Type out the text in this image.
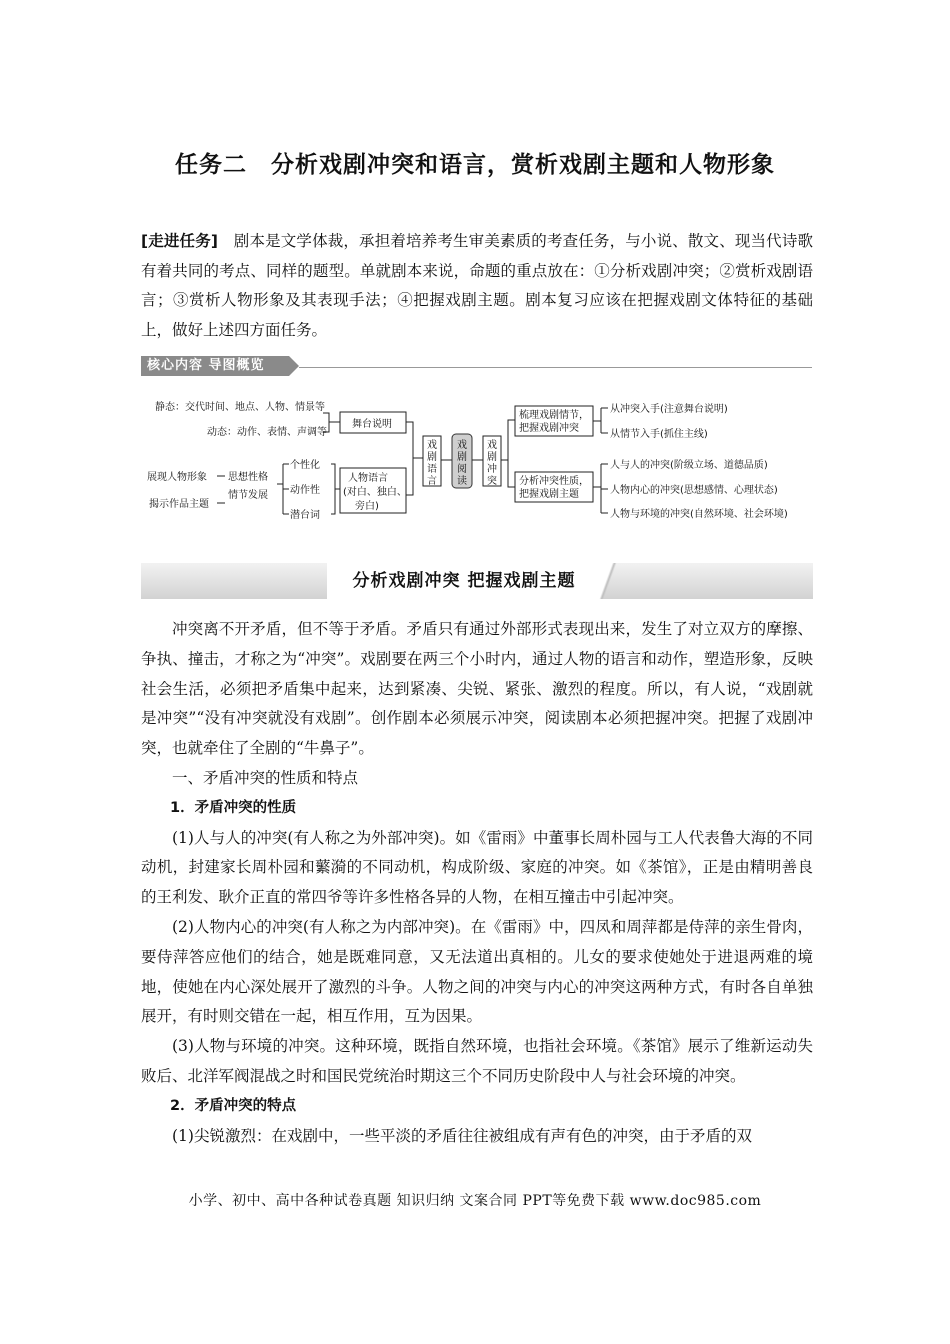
任务二　分析戏剧冲突和语言，赏析戏剧主题和人物形象
[走进任务]　剧本是文学体裁，承担着培养考生审美素质的考查任务，与小说、散文、现当代诗歌有着共同的考点、同样的题型。单就剧本来说，命题的重点放在：①分析戏剧冲突；②赏析戏剧语言；③赏析人物形象及其表现手法；④把握戏剧主题。剧本复习应该在把握戏剧文体特征的基础上，做好上述四方面任务。
核心内容 导图概览
静态：交代时间、地点、人物、情景等
动态：动作、表情、声调等
舞台说明
展现人物形象
揭示作品主题
思想性格
情节发展
个性化
动作性
潜台词
人物语言
(对白、独白、
旁白)
戏
剧
语
言
戏
剧
阅
读
戏
剧
冲
突
梳理戏剧情节，
把握戏剧冲突
分析冲突性质，
把握戏剧主题
从冲突入手(注意舞台说明)
从情节入手(抓住主线)
人与人的冲突(阶级立场、道德品质)
人物内心的冲突(思想感情、心理状态)
人物与环境的冲突(自然环境、社会环境)
分析戏剧冲突 把握戏剧主题

冲突离不开矛盾，但不等于矛盾。矛盾只有通过外部形式表现出来，发生了对立双方的摩擦、争执、撞击，才称之为“冲突”。戏剧要在两三个小时内，通过人物的语言和动作，塑造形象，反映社会生活，必须把矛盾集中起来，达到紧凑、尖锐、紧张、激烈的程度。所以，有人说，“戏剧就是冲突”“没有冲突就没有戏剧”。创作剧本必须展示冲突，阅读剧本必须把握冲突。把握了戏剧冲突，也就牵住了全剧的“牛鼻子”。

一、矛盾冲突的性质和特点

1．矛盾冲突的性质

(1)人与人的冲突(有人称之为外部冲突)。如《雷雨》中董事长周朴园与工人代表鲁大海的不同动机，封建家长周朴园和蘩漪的不同动机，构成阶级、家庭的冲突。如《茶馆》，正是由精明善良的王利发、耿介正直的常四爷等许多性格各异的人物，在相互撞击中引起冲突。

(2)人物内心的冲突(有人称之为内部冲突)。在《雷雨》中，四凤和周萍都是侍萍的亲生骨肉，要侍萍答应他们的结合，她是既难同意，又无法道出真相的。儿女的要求使她处于进退两难的境地，使她在内心深处展开了激烈的斗争。人物之间的冲突与内心的冲突这两种方式，有时各自单独展开，有时则交错在一起，相互作用，互为因果。

(3)人物与环境的冲突。这种环境，既指自然环境，也指社会环境。《茶馆》展示了维新运动失败后、北洋军阀混战之时和国民党统治时期这三个不同历史阶段中人与社会环境的冲突。

2．矛盾冲突的特点

(1)尖锐激烈：在戏剧中，一些平淡的矛盾往往被组成有声有色的冲突，由于矛盾的双

小学、初中、高中各种试卷真题 知识归纳 文案合同 PPT等免费下载 www.doc985.com
